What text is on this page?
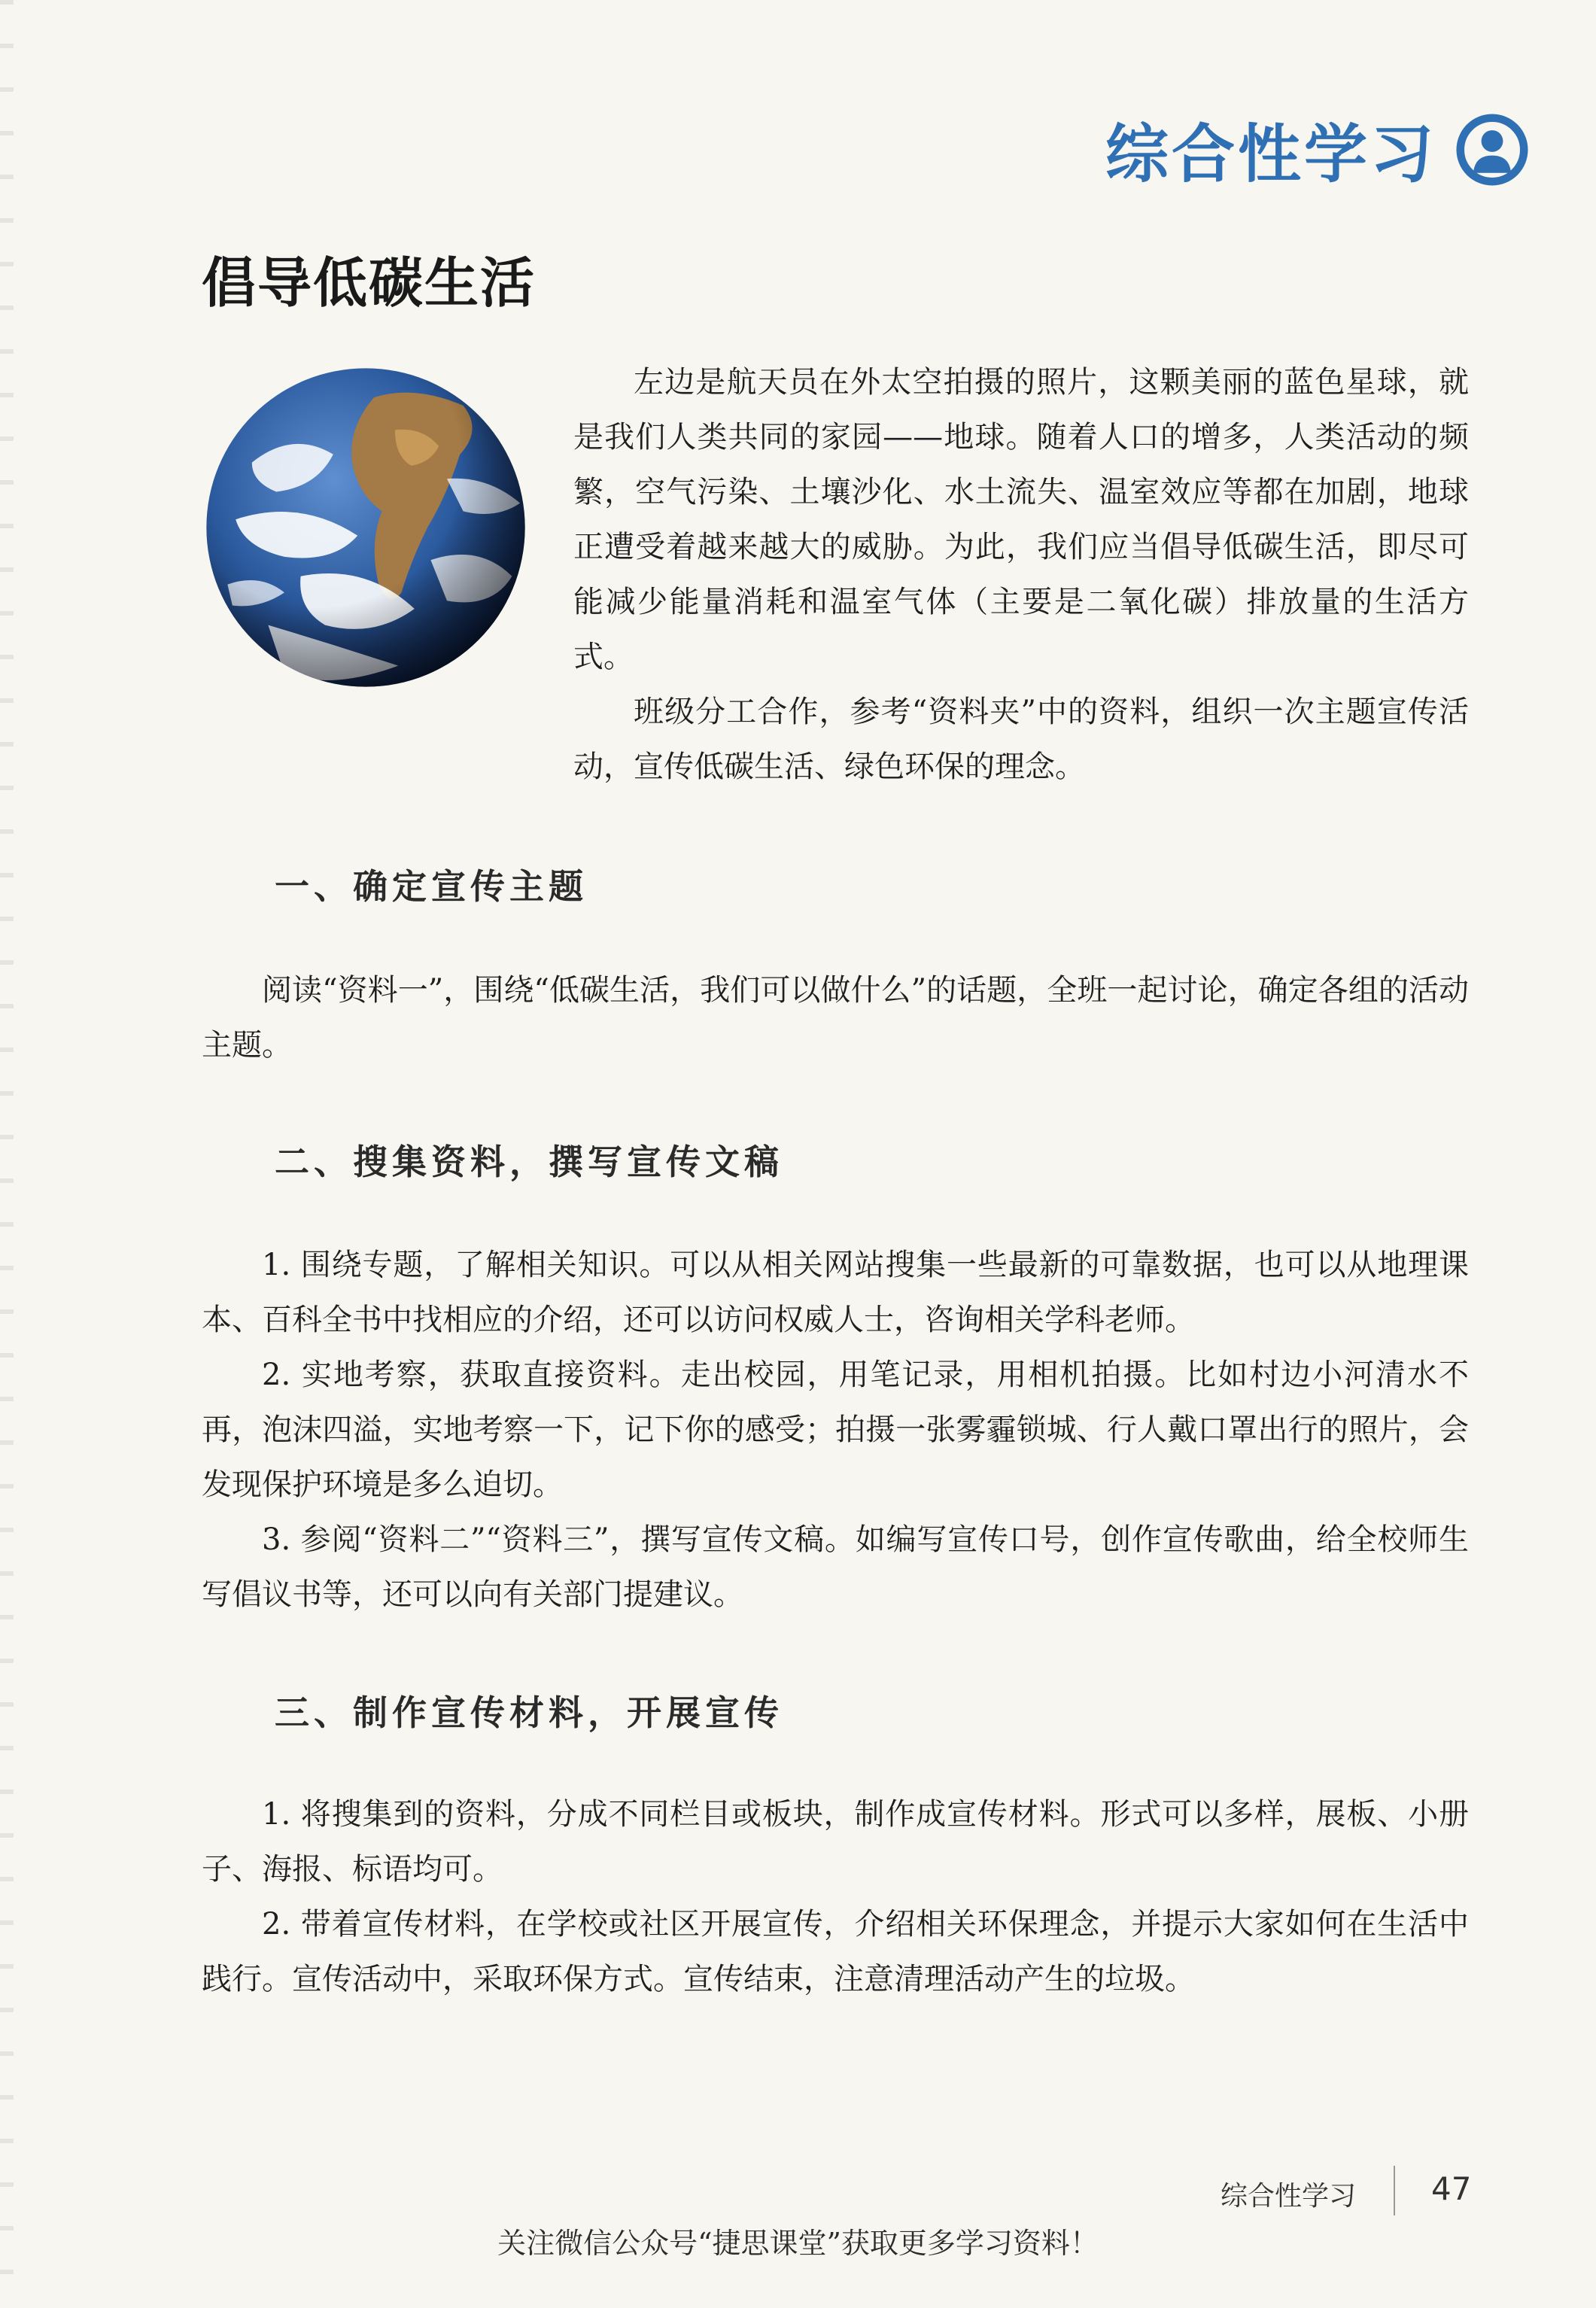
综合性学习
倡导低碳生活

左边是航天员在外太空拍摄的照片，这颗美丽的蓝色星球，就是我们人类共同的家园——地球。随着人口的增多，人类活动的频繁，空气污染、土壤沙化、水土流失、温室效应等都在加剧，地球正遭受着越来越大的威胁。为此，我们应当倡导低碳生活，即尽可能减少能量消耗和温室气体（主要是二氧化碳）排放量的生活方式。

班级分工合作，参考“资料夹”中的资料，组织一次主题宣传活动，宣传低碳生活、绿色环保的理念。

一、确定宣传主题

阅读“资料一”，围绕“低碳生活，我们可以做什么”的话题，全班一起讨论，确定各组的活动主题。

二、搜集资料，撰写宣传文稿

1. 围绕专题，了解相关知识。可以从相关网站搜集一些最新的可靠数据，也可以从地理课本、百科全书中找相应的介绍，还可以访问权威人士，咨询相关学科老师。

2. 实地考察，获取直接资料。走出校园，用笔记录，用相机拍摄。比如村边小河清水不再，泡沫四溢，实地考察一下，记下你的感受；拍摄一张雾霾锁城、行人戴口罩出行的照片，会发现保护环境是多么迫切。

3. 参阅“资料二”“资料三”，撰写宣传文稿。如编写宣传口号，创作宣传歌曲，给全校师生写倡议书等，还可以向有关部门提建议。

三、制作宣传材料，开展宣传

1. 将搜集到的资料，分成不同栏目或板块，制作成宣传材料。形式可以多样，展板、小册子、海报、标语均可。

2. 带着宣传材料，在学校或社区开展宣传，介绍相关环保理念，并提示大家如何在生活中践行。宣传活动中，采取环保方式。宣传结束，注意清理活动产生的垃圾。

综合性学习 47
关注微信公众号“捷思课堂”获取更多学习资料！
